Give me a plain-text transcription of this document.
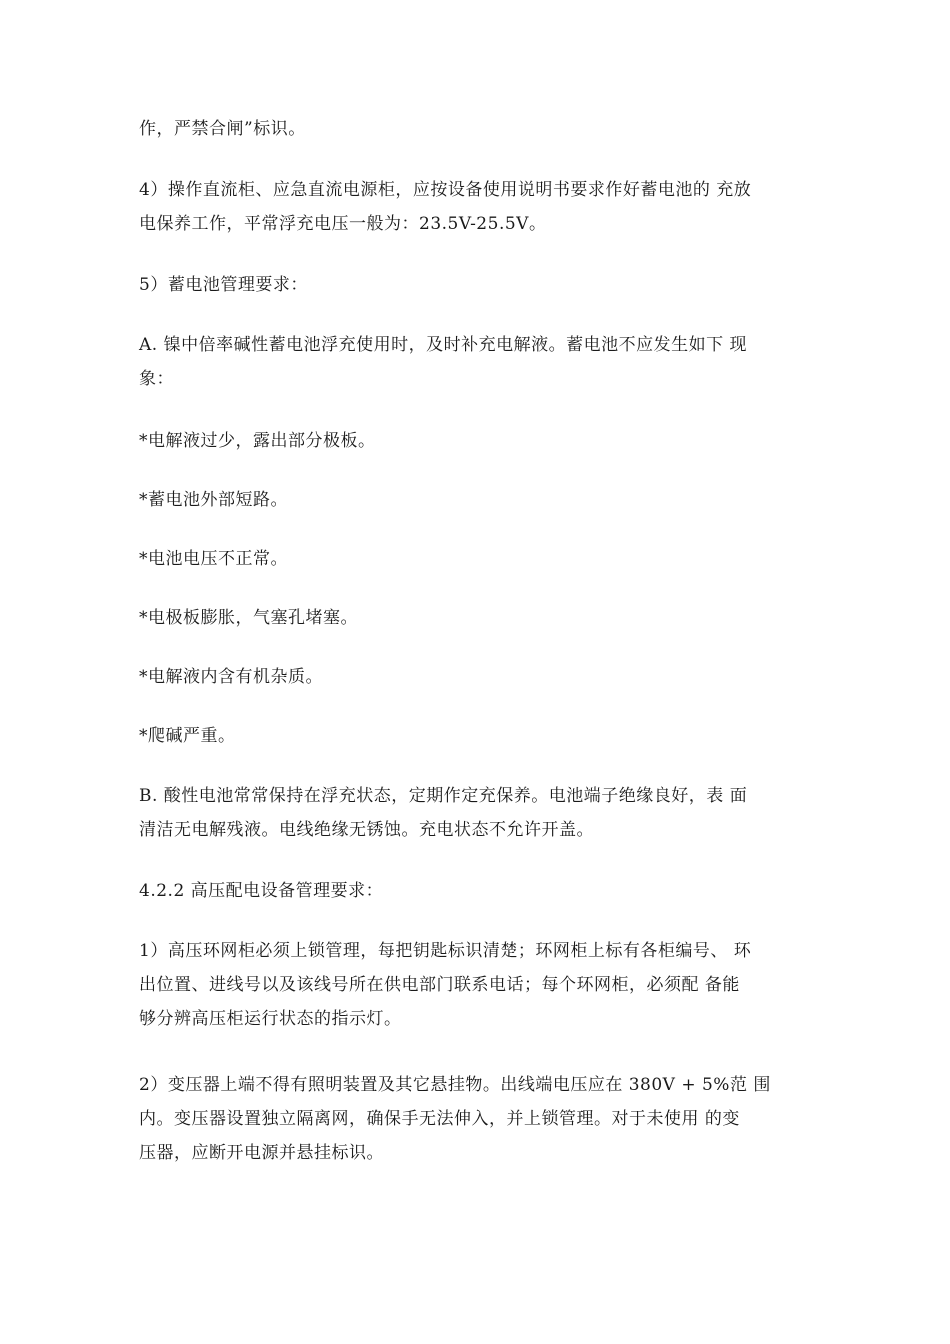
作，严禁合闸”标识。

4）操作直流柜、应急直流电源柜，应按设备使用说明书要求作好蓄电池的 充放
电保养工作，平常浮充电压一般为：23.5V-25.5V。

5）蓄电池管理要求：

A. 镍中倍率碱性蓄电池浮充使用时，及时补充电解液。蓄电池不应发生如下 现
象：

*电解液过少，露出部分极板。

*蓄电池外部短路。

*电池电压不正常。

*电极板膨胀，气塞孔堵塞。

*电解液内含有机杂质。

*爬碱严重。

B. 酸性电池常常保持在浮充状态，定期作定充保养。电池端子绝缘良好，表 面
清洁无电解残液。电线绝缘无锈蚀。充电状态不允许开盖。

4.2.2 高压配电设备管理要求：

1）高压环网柜必须上锁管理，每把钥匙标识清楚；环网柜上标有各柜编号、 环
出位置、进线号以及该线号所在供电部门联系电话；每个环网柜，必须配 备能
够分辨高压柜运行状态的指示灯。

2）变压器上端不得有照明装置及其它悬挂物。出线端电压应在 380V + 5%范 围
内。变压器设置独立隔离网，确保手无法伸入，并上锁管理。对于未使用 的变
压器，应断开电源并悬挂标识。
